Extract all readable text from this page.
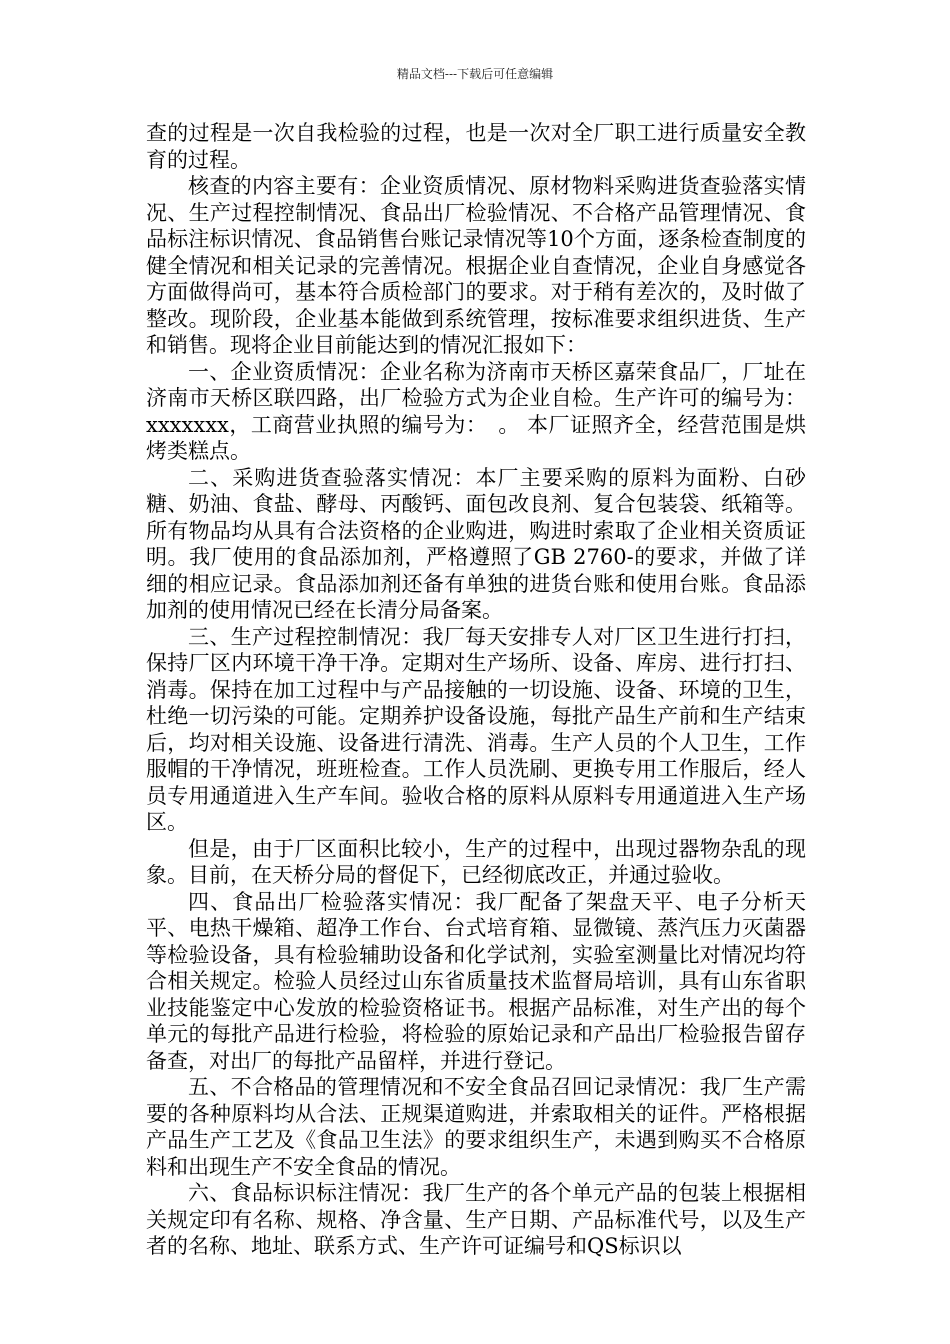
精品文档---下载后可任意编辑

查的过程是一次自我检验的过程，也是一次对全厂职工进行质量安全教育的过程。

核查的内容主要有：企业资质情况、原材物料采购进货查验落实情况、生产过程控制情况、食品出厂检验情况、不合格产品管理情况、食品标注标识情况、食品销售台账记录情况等10个方面，逐条检查制度的健全情况和相关记录的完善情况。根据企业自查情况，企业自身感觉各方面做得尚可，基本符合质检部门的要求。对于稍有差次的，及时做了整改。现阶段，企业基本能做到系统管理，按标准要求组织进货、生产和销售。现将企业目前能达到的情况汇报如下：

一、企业资质情况：企业名称为济南市天桥区嘉荣食品厂，厂址在济南市天桥区联四路，出厂检验方式为企业自检。生产许可的编号为：xxxxxxx，工商营业执照的编号为：　。 本厂证照齐全，经营范围是烘烤类糕点。

二、采购进货查验落实情况：本厂主要采购的原料为面粉、白砂糖、奶油、食盐、酵母、丙酸钙、面包改良剂、复合包装袋、纸箱等。所有物品均从具有合法资格的企业购进，购进时索取了企业相关资质证明。我厂使用的食品添加剂，严格遵照了GB 2760-的要求，并做了详细的相应记录。食品添加剂还备有单独的进货台账和使用台账。食品添加剂的使用情况已经在长清分局备案。

三、生产过程控制情况：我厂每天安排专人对厂区卫生进行打扫，保持厂区内环境干净干净。定期对生产场所、设备、库房、进行打扫、消毒。保持在加工过程中与产品接触的一切设施、设备、环境的卫生，杜绝一切污染的可能。定期养护设备设施，每批产品生产前和生产结束后，均对相关设施、设备进行清洗、消毒。生产人员的个人卫生，工作服帽的干净情况，班班检查。工作人员洗刷、更换专用工作服后，经人员专用通道进入生产车间。验收合格的原料从原料专用通道进入生产场区。

但是，由于厂区面积比较小，生产的过程中，出现过器物杂乱的现象。目前，在天桥分局的督促下，已经彻底改正，并通过验收。

四、食品出厂检验落实情况：我厂配备了架盘天平、电子分析天平、电热干燥箱、超净工作台、台式培育箱、显微镜、蒸汽压力灭菌器等检验设备，具有检验辅助设备和化学试剂，实验室测量比对情况均符合相关规定。检验人员经过山东省质量技术监督局培训，具有山东省职业技能鉴定中心发放的检验资格证书。根据产品标准，对生产出的每个单元的每批产品进行检验，将检验的原始记录和产品出厂检验报告留存备查，对出厂的每批产品留样，并进行登记。

五、不合格品的管理情况和不安全食品召回记录情况：我厂生产需要的各种原料均从合法、正规渠道购进，并索取相关的证件。严格根据产品生产工艺及《食品卫生法》的要求组织生产，未遇到购买不合格原料和出现生产不安全食品的情况。

六、食品标识标注情况：我厂生产的各个单元产品的包装上根据相关规定印有名称、规格、净含量、生产日期、产品标准代号，以及生产者的名称、地址、联系方式、生产许可证编号和QS标识以
